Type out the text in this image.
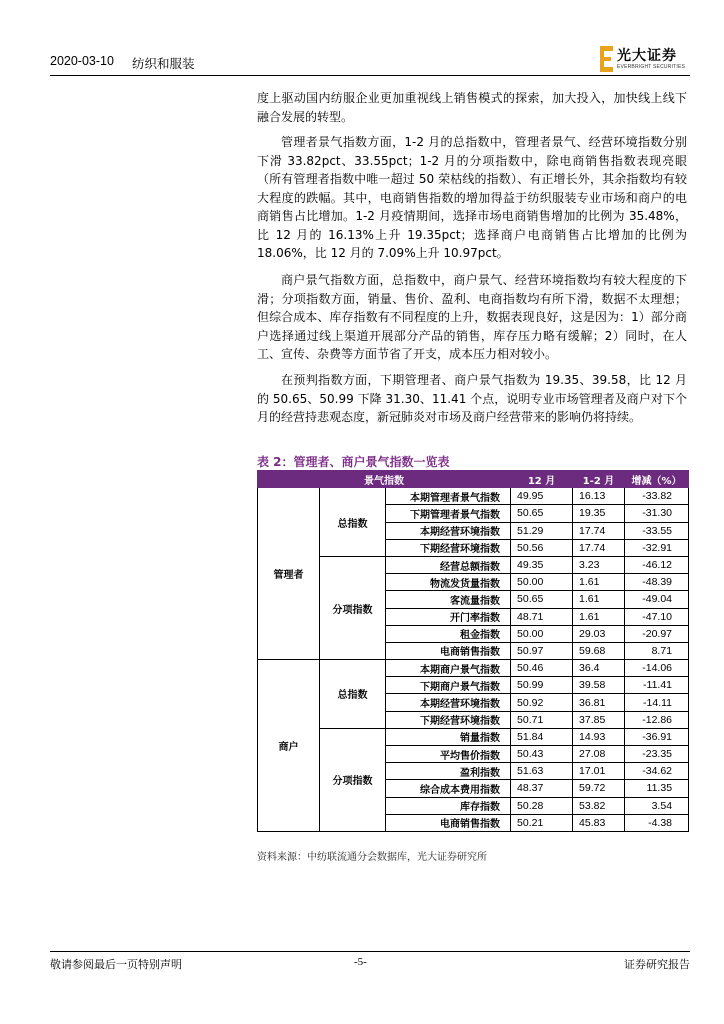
2020-03-10 纺织和服装	光大证券
EVERBRIGHT SECURITIES
度上驱动国内纺服企业更加重视线上销售模式的探索，加大投入，加快线上线下融合发展的转型。
管理者景气指数方面，1-2 月的总指数中，管理者景气、经营环境指数分别下滑 33.82pct、33.55pct；1-2 月的分项指数中，除电商销售指数表现亮眼（所有管理者指数中唯一超过 50 荣枯线的指数）、有正增长外，其余指数均有较大程度的跌幅。其中，电商销售指数的增加得益于纺织服装专业市场和商户的电商销售占比增加。1-2 月疫情期间，选择市场电商销售增加的比例为 35.48%，比 12 月的 16.13%上升 19.35pct；选择商户电商销售占比增加的比例为 18.06%，比 12 月的 7.09%上升 10.97pct。
商户景气指数方面，总指数中，商户景气、经营环境指数均有较大程度的下滑；分项指数方面，销量、售价、盈利、电商指数均有所下滑，数据不太理想；但综合成本、库存指数有不同程度的上升，数据表现良好，这是因为：1）部分商户选择通过线上渠道开展部分产品的销售，库存压力略有缓解；2）同时，在人工、宣传、杂费等方面节省了开支，成本压力相对较小。
在预判指数方面，下期管理者、商户景气指数为 19.35、39.58，比 12 月的 50.65、50.99 下降 31.30、11.41 个点，说明专业市场管理者及商户对下个月的经营持悲观态度，新冠肺炎对市场及商户经营带来的影响仍将持续。
表 2：管理者、商户景气指数一览表
景气指数			12 月	1-2 月	增减（%）
管理者	总指数	本期管理者景气指数	49.95	16.13	-33.82
		下期管理者景气指数	50.65	19.35	-31.30
		本期经营环境指数	51.29	17.74	-33.55
		下期经营环境指数	50.56	17.74	-32.91
	分项指数	经营总额指数	49.35	3.23	-46.12
		物流发货量指数	50.00	1.61	-48.39
		客流量指数	50.65	1.61	-49.04
		开门率指数	48.71	1.61	-47.10
		租金指数	50.00	29.03	-20.97
		电商销售指数	50.97	59.68	8.71
商户	总指数	本期商户景气指数	50.46	36.4	-14.06
		下期商户景气指数	50.99	39.58	-11.41
		本期经营环境指数	50.92	36.81	-14.11
		下期经营环境指数	50.71	37.85	-12.86
	分项指数	销量指数	51.84	14.93	-36.91
		平均售价指数	50.43	27.08	-23.35
		盈利指数	51.63	17.01	-34.62
		综合成本费用指数	48.37	59.72	11.35
		库存指数	50.28	53.82	3.54
		电商销售指数	50.21	45.83	-4.38
资料来源：中纺联流通分会数据库，光大证券研究所
敬请参阅最后一页特别声明	-5-	证券研究报告
